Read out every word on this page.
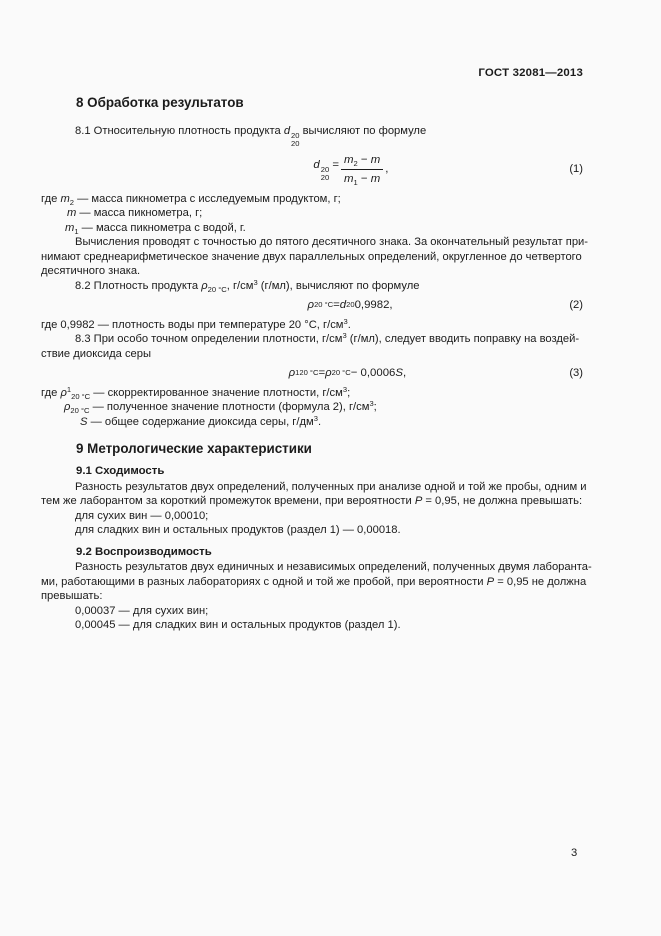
ГОСТ 32081—2013
8 Обработка результатов
8.1 Относительную плотность продукта d 20
20
вычисляют по формуле
d 20
20
= $\frac{m_2 - m}{m_1 - m}$ ,	(1)
где $m_2$ — масса пикнометра с исследуемым продуктом, г;
m — масса пикнометра, г;
$m_1$ — масса пикнометра с водой, г.
Вычисления проводят с точностью до пятого десятичного знака. За окончательный результат при-
нимают среднеарифметическое значение двух параллельных определений, округленное до четвертого
десятичного знака.
8.2 Плотность продукта $\rho_{20 ^\circ C}$, $г/см^3$ (г/мл), вычисляют по формуле
ρ 20 °C = d 20 0,9982,	(2)
где 0,9982 — плотность воды при температуре 20 °C, $г/см^3$.
8.3 При особо точном определении плотности, $г/см^3$ (г/мл), следует вводить поправку на воздей-
ствие диоксида серы
ρ 1 20 °C = ρ 20 °C − 0,0006 S ,	(3)
где $\rho^1_{20 ^\circ C}$ — скорректированное значение плотности, $г/см^3$;
$\rho_{20 ^\circ C}$ — полученное значение плотности (формула 2), $г/см^3$;
S — общее содержание диоксида серы, $г/дм^3$.
9 Метрологические характеристики
9.1 Сходимость
Разность результатов двух определений, полученных при анализе одной и той же пробы, одним и
тем же лаборантом за короткий промежуток времени, при вероятности P = 0,95, не должна превышать:
для сухих вин — 0,00010;
для сладких вин и остальных продуктов (раздел 1) — 0,00018.
9.2 Воспроизводимость
Разность результатов двух единичных и независимых определений, полученных двумя лаборанта-
ми, работающими в разных лабораториях с одной и той же пробой, при вероятности P = 0,95 не должна
превышать:
0,00037 — для сухих вин;
0,00045 — для сладких вин и остальных продуктов (раздел 1).
3
